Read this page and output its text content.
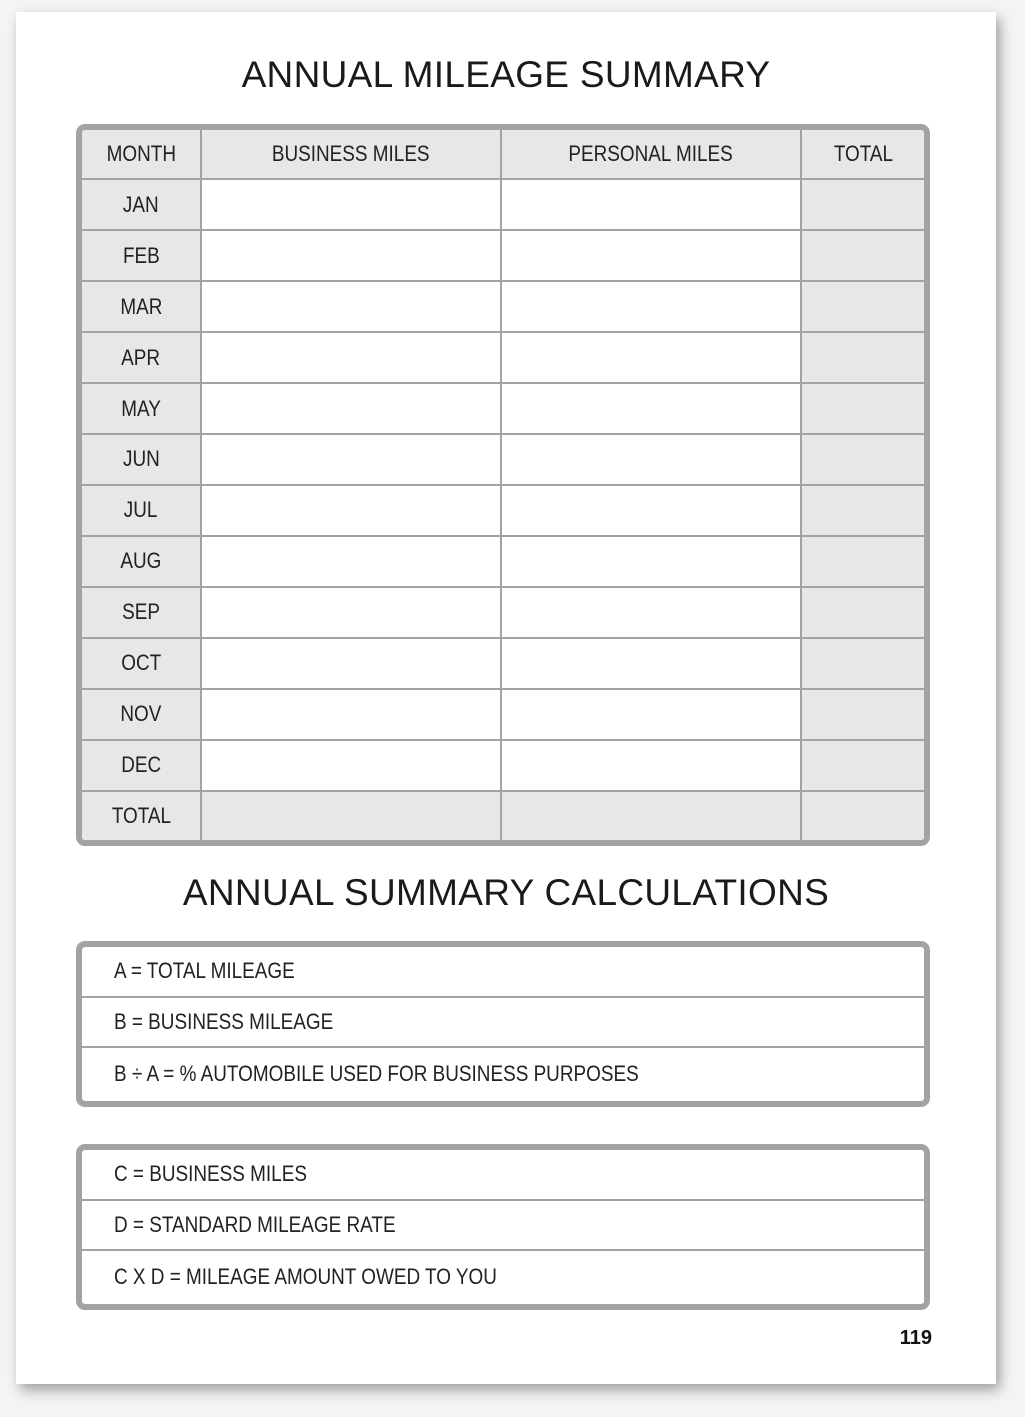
ANNUAL MILEAGE SUMMARY
MONTH	BUSINESS MILES	PERSONAL MILES	TOTAL
JAN			
FEB			
MAR			
APR			
MAY			
JUN			
JUL			
AUG			
SEP			
OCT			
NOV			
DEC			
TOTAL			
ANNUAL SUMMARY CALCULATIONS
A = TOTAL MILEAGE
B = BUSINESS MILEAGE
B ÷ A = % AUTOMOBILE USED FOR BUSINESS PURPOSES
C = BUSINESS MILES
D = STANDARD MILEAGE RATE
C X D = MILEAGE AMOUNT OWED TO YOU
119
